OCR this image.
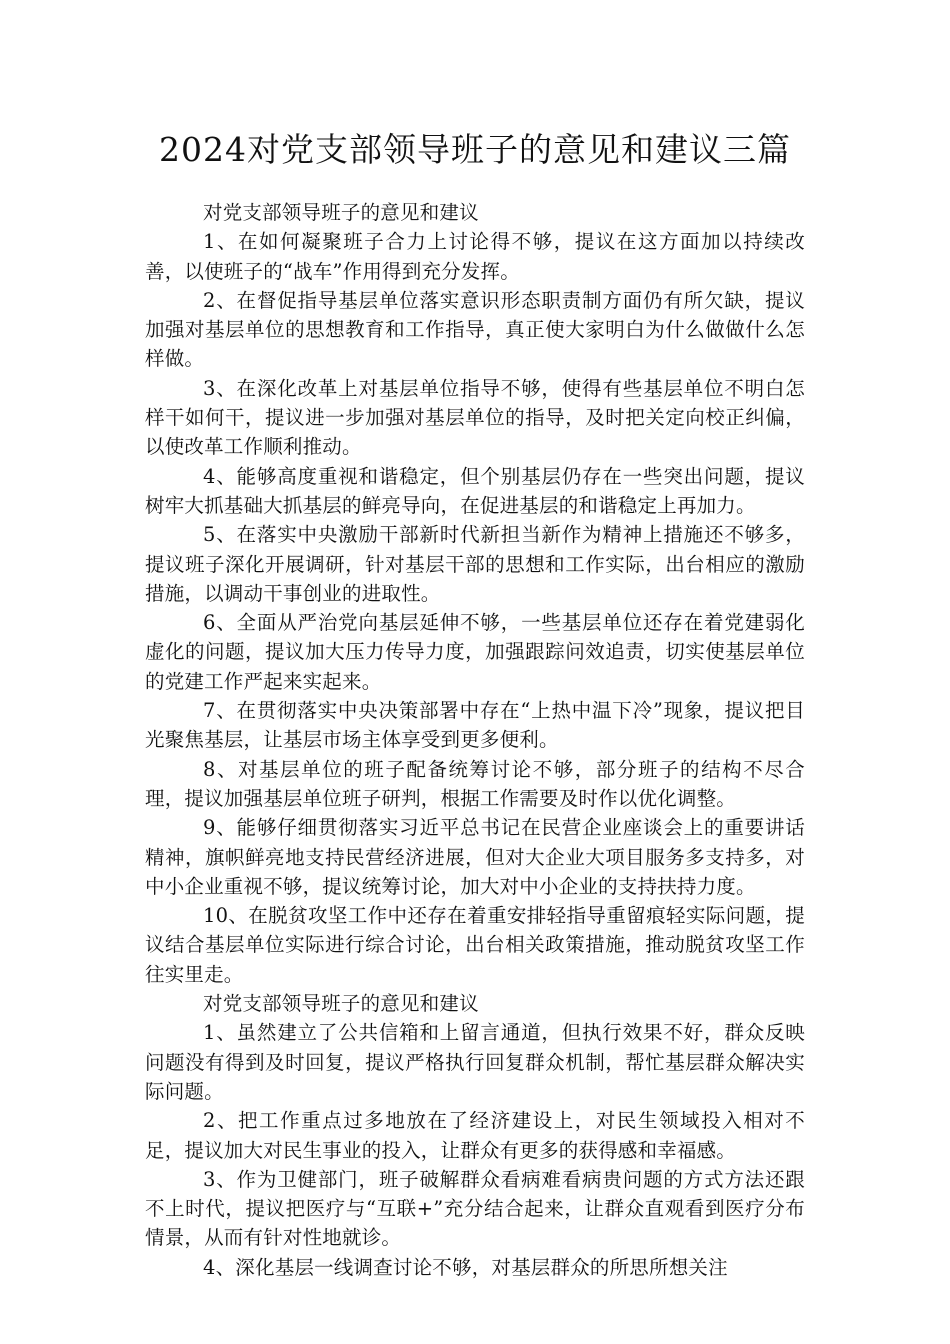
2024对党支部领导班子的意见和建议三篇

对党支部领导班子的意见和建议

1、在如何凝聚班子合力上讨论得不够，提议在这方面加以持续改善，以使班子的“战车”作用得到充分发挥。

2、在督促指导基层单位落实意识形态职责制方面仍有所欠缺，提议加强对基层单位的思想教育和工作指导，真正使大家明白为什么做做什么怎样做。

3、在深化改革上对基层单位指导不够，使得有些基层单位不明白怎样干如何干，提议进一步加强对基层单位的指导，及时把关定向校正纠偏，以使改革工作顺利推动。

4、能够高度重视和谐稳定，但个别基层仍存在一些突出问题，提议树牢大抓基础大抓基层的鲜亮导向，在促进基层的和谐稳定上再加力。

5、在落实中央激励干部新时代新担当新作为精神上措施还不够多，提议班子深化开展调研，针对基层干部的思想和工作实际，出台相应的激励措施，以调动干事创业的进取性。

6、全面从严治党向基层延伸不够，一些基层单位还存在着党建弱化虚化的问题，提议加大压力传导力度，加强跟踪问效追责，切实使基层单位的党建工作严起来实起来。

7、在贯彻落实中央决策部署中存在“上热中温下冷”现象，提议把目光聚焦基层，让基层市场主体享受到更多便利。

8、对基层单位的班子配备统筹讨论不够，部分班子的结构不尽合理，提议加强基层单位班子研判，根据工作需要及时作以优化调整。

9、能够仔细贯彻落实习近平总书记在民营企业座谈会上的重要讲话精神，旗帜鲜亮地支持民营经济进展，但对大企业大项目服务多支持多，对中小企业重视不够，提议统筹讨论，加大对中小企业的支持扶持力度。

10、在脱贫攻坚工作中还存在着重安排轻指导重留痕轻实际问题，提议结合基层单位实际进行综合讨论，出台相关政策措施，推动脱贫攻坚工作往实里走。

对党支部领导班子的意见和建议

1、虽然建立了公共信箱和上留言通道，但执行效果不好，群众反映问题没有得到及时回复，提议严格执行回复群众机制，帮忙基层群众解决实际问题。

2、把工作重点过多地放在了经济建设上，对民生领域投入相对不足，提议加大对民生事业的投入，让群众有更多的获得感和幸福感。

3、作为卫健部门，班子破解群众看病难看病贵问题的方式方法还跟不上时代，提议把医疗与“互联+”充分结合起来，让群众直观看到医疗分布情景，从而有针对性地就诊。

4、深化基层一线调查讨论不够，对基层群众的所思所想关注
